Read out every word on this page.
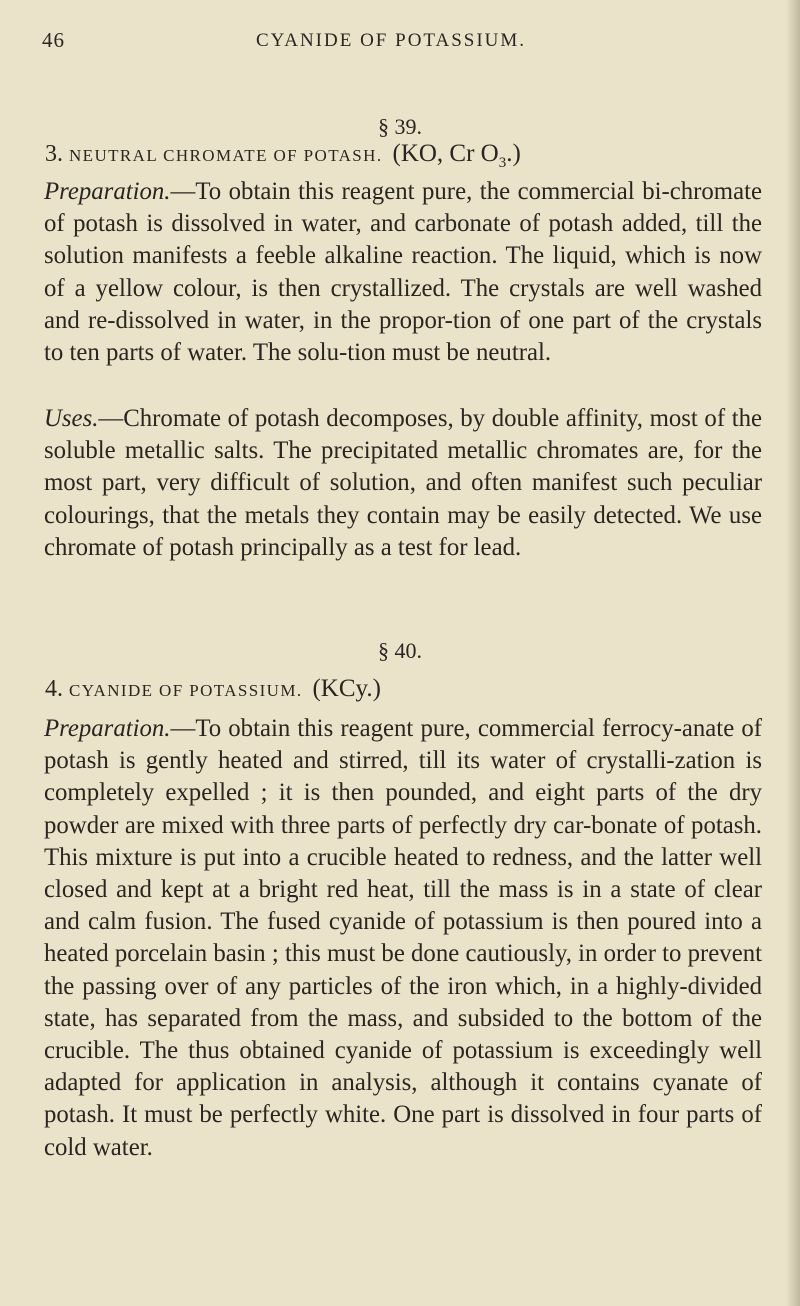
46	CYANIDE OF POTASSIUM.
§ 39.
3. NEUTRAL CHROMATE OF POTASH. (KO, Cr $O_3$.)

Preparation.—To obtain this reagent pure, the commercial bi-chromate of potash is dissolved in water, and carbonate of potash added, till the solution manifests a feeble alkaline reaction. The liquid, which is now of a yellow colour, is then crystallized. The crystals are well washed and re-dissolved in water, in the propor-tion of one part of the crystals to ten parts of water. The solu-tion must be neutral.

Uses.—Chromate of potash decomposes, by double affinity, most of the soluble metallic salts. The precipitated metallic chromates are, for the most part, very difficult of solution, and often manifest such peculiar colourings, that the metals they contain may be easily detected. We use chromate of potash principally as a test for lead.

§ 40.
4. CYANIDE OF POTASSIUM. (KCy.)

Preparation.—To obtain this reagent pure, commercial ferrocy-anate of potash is gently heated and stirred, till its water of crystalli-zation is completely expelled ; it is then pounded, and eight parts of the dry powder are mixed with three parts of perfectly dry car-bonate of potash. This mixture is put into a crucible heated to redness, and the latter well closed and kept at a bright red heat, till the mass is in a state of clear and calm fusion. The fused cyanide of potassium is then poured into a heated porcelain basin ; this must be done cautiously, in order to prevent the passing over of any particles of the iron which, in a highly-divided state, has separated from the mass, and subsided to the bottom of the crucible. The thus obtained cyanide of potassium is exceedingly well adapted for application in analysis, although it contains cyanate of potash. It must be perfectly white. One part is dissolved in four parts of cold water.
